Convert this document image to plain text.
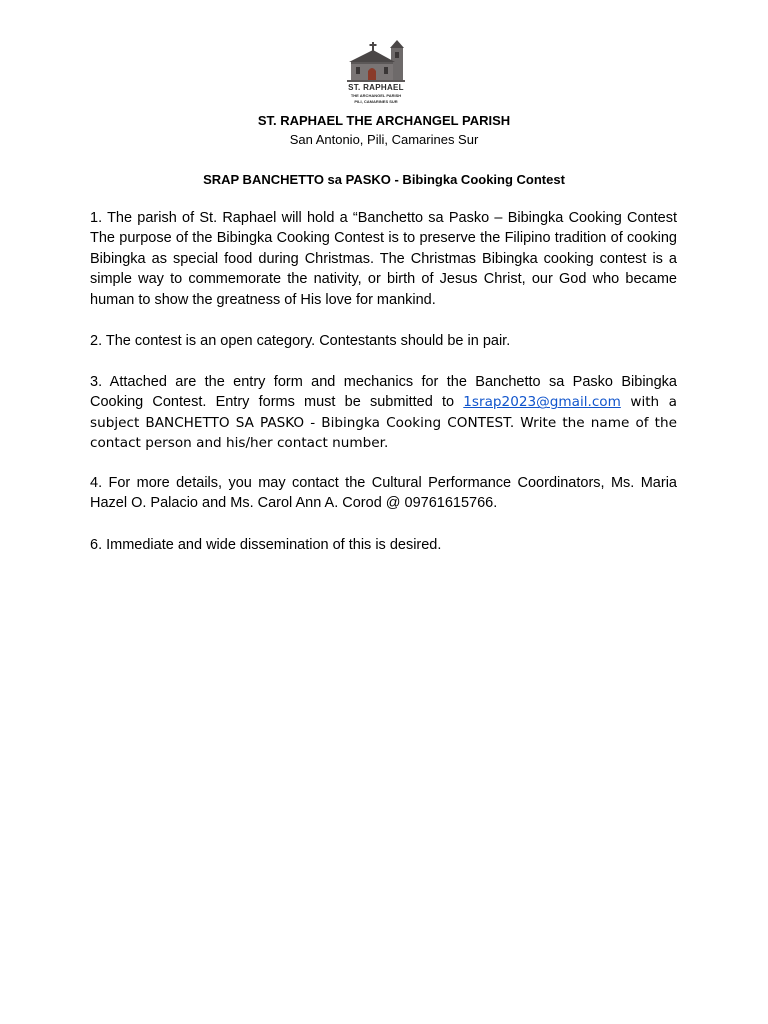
ST. RAPHAEL
THE ARCHANGEL PARISH
PILI, CAMARINES SUR
ST. RAPHAEL THE ARCHANGEL PARISH
San Antonio, Pili, Camarines Sur
SRAP BANCHETTO sa PASKO - Bibingka Cooking Contest
1. The parish of St. Raphael will hold a “Banchetto sa Pasko – Bibingka Cooking Contest The purpose of the Bibingka Cooking Contest is to preserve the Filipino tradition of cooking Bibingka as special food during Christmas. The Christmas Bibingka cooking contest is a simple way to commemorate the nativity, or birth of Jesus Christ, our God who became human to show the greatness of His love for mankind.
2. The contest is an open category. Contestants should be in pair.
3. Attached are the entry form and mechanics for the Banchetto sa Pasko Bibingka Cooking Contest. Entry forms must be submitted to 1srap2023@gmail.com with a subject BANCHETTO SA PASKO - Bibingka Cooking CONTEST. Write the name of the contact person and his/her contact number.
4. For more details, you may contact the Cultural Performance Coordinators, Ms. Maria Hazel O. Palacio and Ms. Carol Ann A. Corod @ 09761615766.
6. Immediate and wide dissemination of this is desired.
